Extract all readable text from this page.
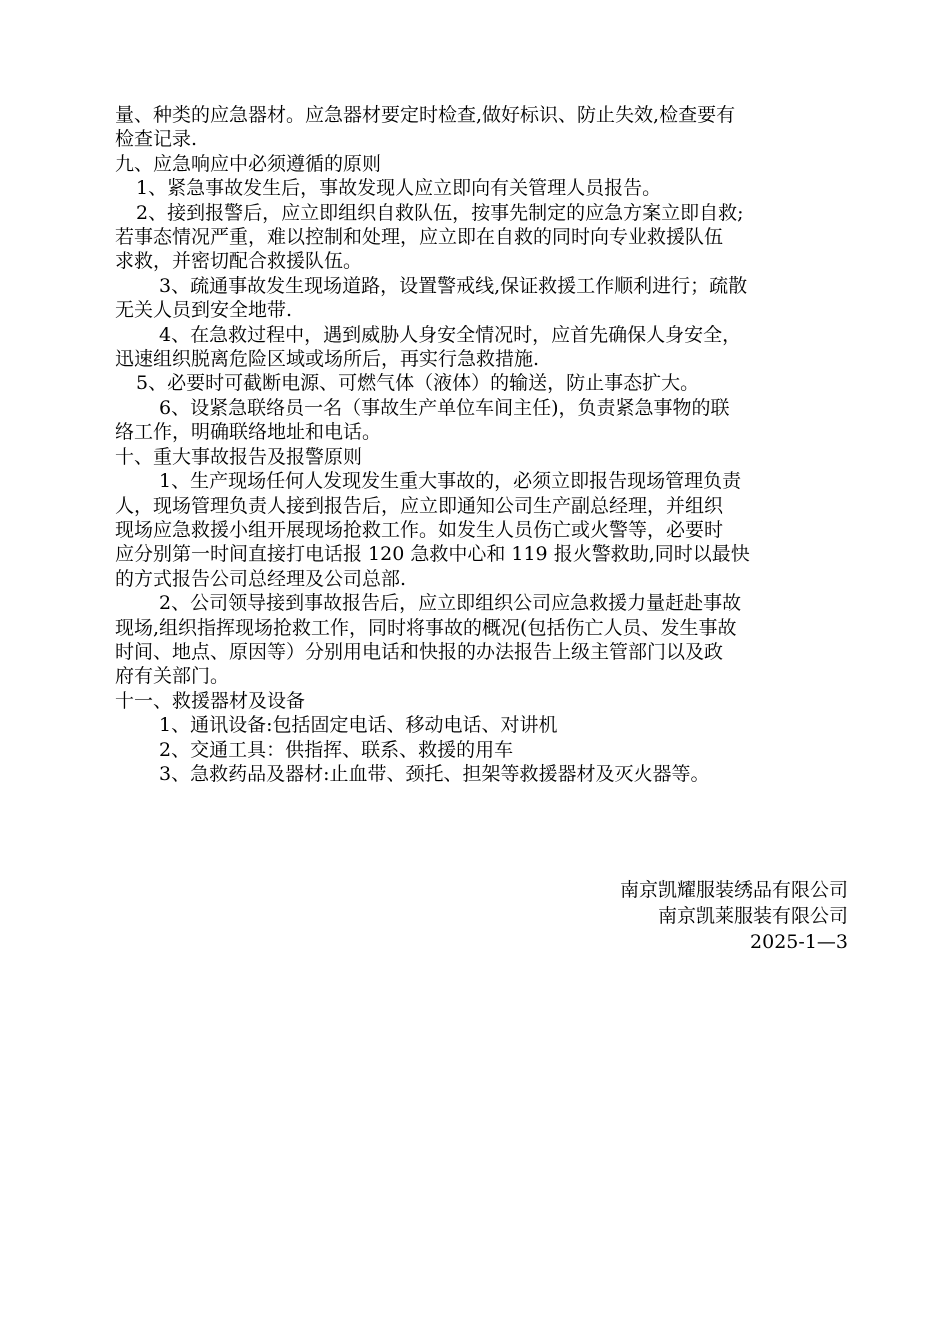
量、种类的应急器材。应急器材要定时检查,做好标识、防止失效,检查要有
检查记录.
九、应急响应中必须遵循的原则
1、紧急事故发生后，事故发现人应立即向有关管理人员报告。
2、接到报警后，应立即组织自救队伍，按事先制定的应急方案立即自救;
若事态情况严重，难以控制和处理，应立即在自救的同时向专业救援队伍
求救，并密切配合救援队伍。
3、疏通事故发生现场道路，设置警戒线,保证救援工作顺利进行；疏散
无关人员到安全地带.
4、在急救过程中，遇到威胁人身安全情况时，应首先确保人身安全，
迅速组织脱离危险区域或场所后，再实行急救措施.
5、必要时可截断电源、可燃气体（液体）的输送，防止事态扩大。
6、设紧急联络员一名（事故生产单位车间主任)，负责紧急事物的联
络工作，明确联络地址和电话。
十、重大事故报告及报警原则
1、生产现场任何人发现发生重大事故的，必须立即报告现场管理负责
人，现场管理负责人接到报告后，应立即通知公司生产副总经理，并组织
现场应急救援小组开展现场抢救工作。如发生人员伤亡或火警等，必要时
应分别第一时间直接打电话报 120 急救中心和 119 报火警救助,同时以最快
的方式报告公司总经理及公司总部.
2、公司领导接到事故报告后，应立即组织公司应急救援力量赶赴事故
现场,组织指挥现场抢救工作，同时将事故的概况(包括伤亡人员、发生事故
时间、地点、原因等）分别用电话和快报的办法报告上级主管部门以及政
府有关部门。
十一、救援器材及设备
1、通讯设备:包括固定电话、移动电话、对讲机
2、交通工具：供指挥、联系、救援的用车
3、急救药品及器材:止血带、颈托、担架等救援器材及灭火器等。
南京凯耀服装绣品有限公司
南京凯莱服装有限公司
2025-1—3
